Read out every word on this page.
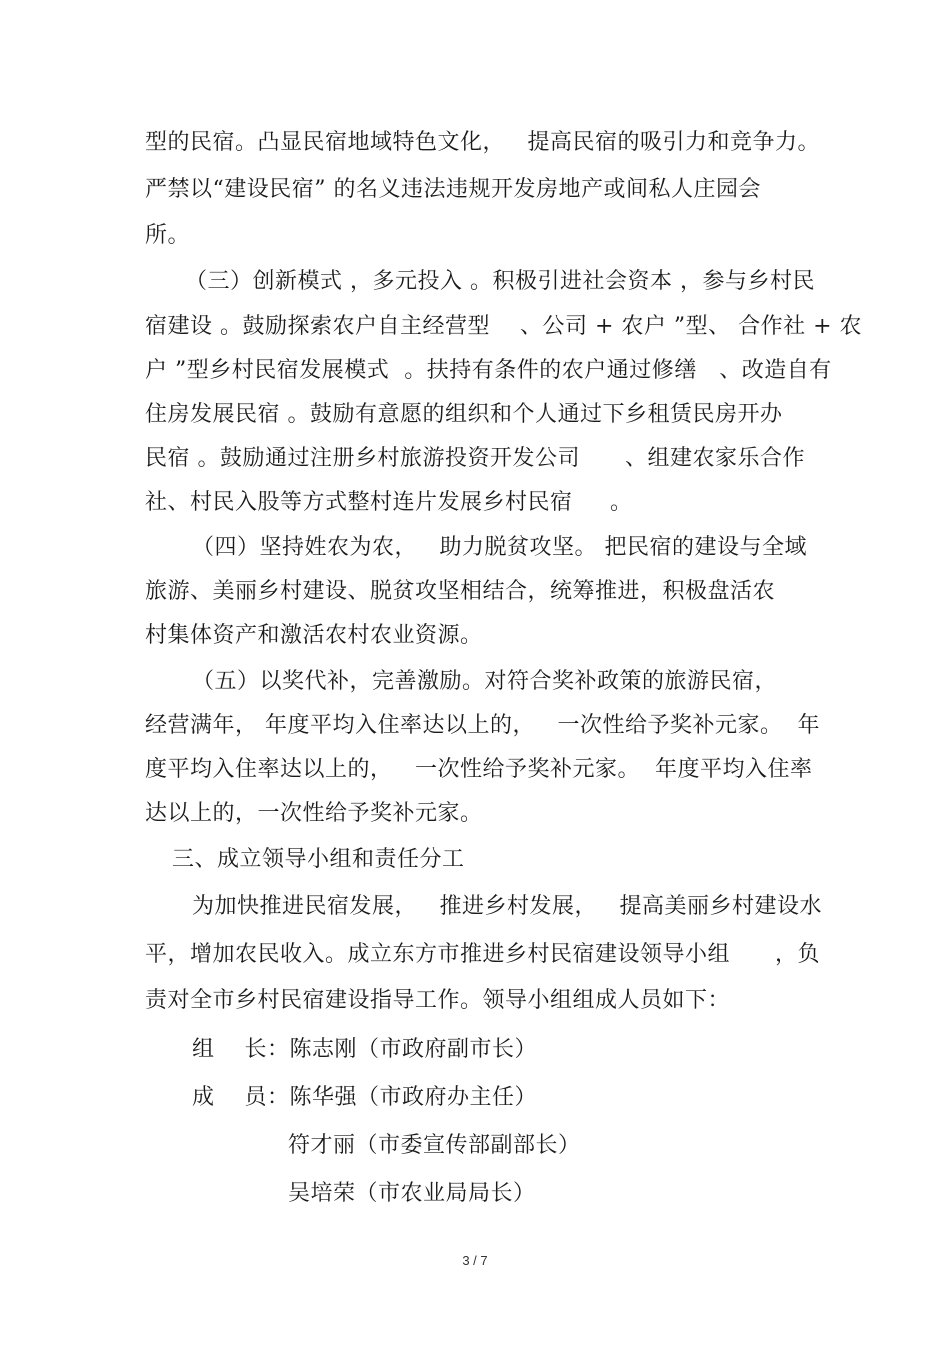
型的民宿。凸显民宿地域特色文化，   提高民宿的吸引力和竞争力。
严禁以“建设民宿” 的名义违法违规开发房地产或间私人庄园会
所。
（三）创新模式 ，多元投入 。积极引进社会资本 ，参与乡村民
宿建设 。鼓励探索农户自主经营型    、公司 + 农户 ”型、 合作社 + 农
户 ”型乡村民宿发展模式  。扶持有条件的农户通过修缮   、改造自有
住房发展民宿 。鼓励有意愿的组织和个人通过下乡租赁民房开办
民宿 。鼓励通过注册乡村旅游投资开发公司      、组建农家乐合作
社、村民入股等方式整村连片发展乡村民宿     。
（四）坚持姓农为农，   助力脱贫攻坚。 把民宿的建设与全域
旅游、美丽乡村建设、脱贫攻坚相结合，统筹推进，积极盘活农
村集体资产和激活农村农业资源。
（五）以奖代补，完善激励。对符合奖补政策的旅游民宿，
经营满年， 年度平均入住率达以上的，   一次性给予奖补元家。  年
度平均入住率达以上的，   一次性给予奖补元家。  年度平均入住率
达以上的，一次性给予奖补元家。
三、成立领导小组和责任分工
为加快推进民宿发展，   推进乡村发展，   提高美丽乡村建设水
平，增加农民收入。成立东方市推进乡村民宿建设领导小组      ，负
责对全市乡村民宿建设指导工作。领导小组组成人员如下：
组    长：陈志刚（市政府副市长）
成    员：陈华强（市政府办主任）
符才丽（市委宣传部副部长）
吴培荣（市农业局局长）
3 / 7
